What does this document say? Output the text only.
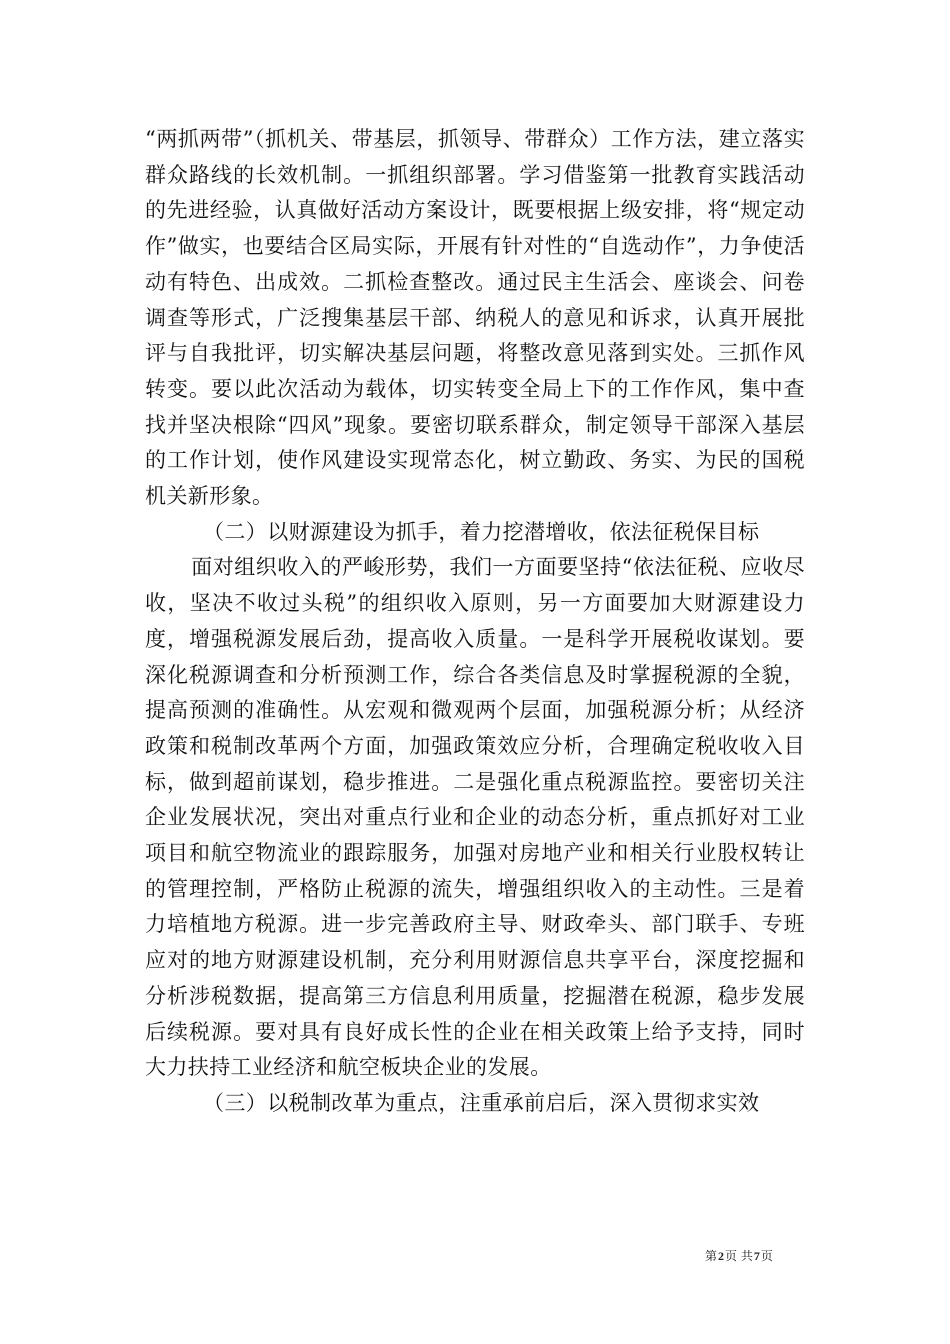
“两抓两带”（抓机关、带基层，抓领导、带群众）工作方法，建立落实群众路线的长效机制。一抓组织部署。学习借鉴第一批教育实践活动的先进经验，认真做好活动方案设计，既要根据上级安排，将“规定动作”做实，也要结合区局实际，开展有针对性的“自选动作”，力争使活动有特色、出成效。二抓检查整改。通过民主生活会、座谈会、问卷调查等形式，广泛搜集基层干部、纳税人的意见和诉求，认真开展批评与自我批评，切实解决基层问题，将整改意见落到实处。三抓作风转变。要以此次活动为载体，切实转变全局上下的工作作风，集中查找并坚决根除“四风”现象。要密切联系群众，制定领导干部深入基层的工作计划，使作风建设实现常态化，树立勤政、务实、为民的国税机关新形象。

（二）以财源建设为抓手，着力挖潜增收，依法征税保目标

面对组织收入的严峻形势，我们一方面要坚持“依法征税、应收尽收，坚决不收过头税”的组织收入原则，另一方面要加大财源建设力度，增强税源发展后劲，提高收入质量。一是科学开展税收谋划。要深化税源调查和分析预测工作，综合各类信息及时掌握税源的全貌，提高预测的准确性。从宏观和微观两个层面，加强税源分析；从经济政策和税制改革两个方面，加强政策效应分析，合理确定税收收入目标，做到超前谋划，稳步推进。二是强化重点税源监控。要密切关注企业发展状况，突出对重点行业和企业的动态分析，重点抓好对工业项目和航空物流业的跟踪服务，加强对房地产业和相关行业股权转让的管理控制，严格防止税源的流失，增强组织收入的主动性。三是着力培植地方税源。进一步完善政府主导、财政牵头、部门联手、专班应对的地方财源建设机制，充分利用财源信息共享平台，深度挖掘和分析涉税数据，提高第三方信息利用质量，挖掘潜在税源，稳步发展后续税源。要对具有良好成长性的企业在相关政策上给予支持，同时大力扶持工业经济和航空板块企业的发展。

（三）以税制改革为重点，注重承前启后，深入贯彻求实效

第2页 共7页
